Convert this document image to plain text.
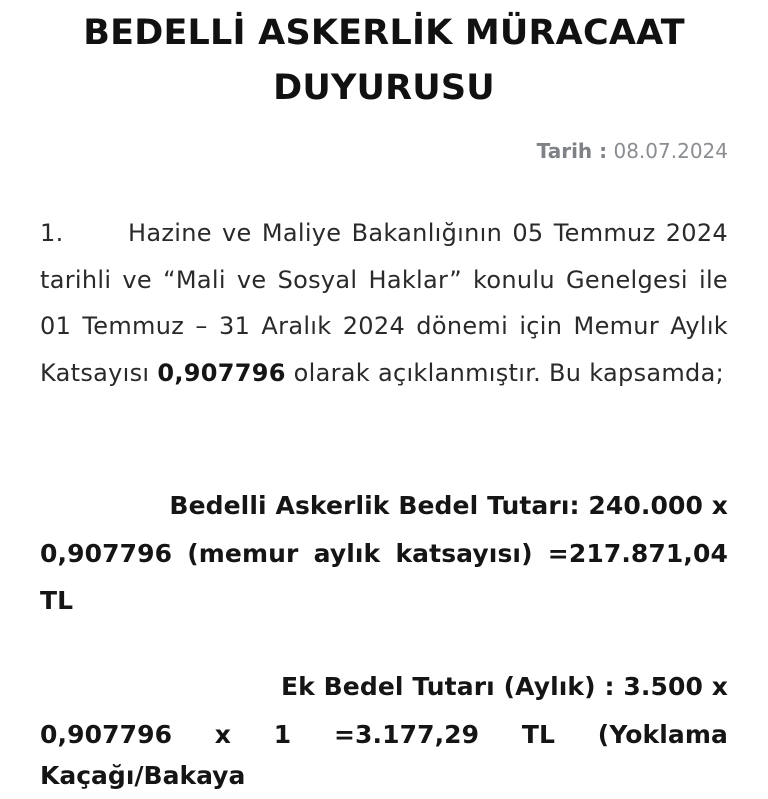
BEDELLİ ASKERLİK MÜRACAAT
DUYURUSU
Tarih : 08.07.2024
1.	Hazine ve Maliye Bakanlığının 05 Temmuz 2024 tarihli ve “Mali ve Sosyal Haklar” konulu Genelgesi ile 01 Temmuz – 31 Aralık 2024 dönemi için Memur Aylık Katsayısı 0,907796 olarak açıklanmıştır. Bu kapsamda;
Bedelli Askerlik Bedel Tutarı: 240.000 x
0,907796 (memur aylık katsayısı) =217.871,04
TL
Ek Bedel Tutarı (Aylık) : 3.500 x
0,907796 x 1 =3.177,29 TL (Yoklama
Kaçağı/Bakaya
